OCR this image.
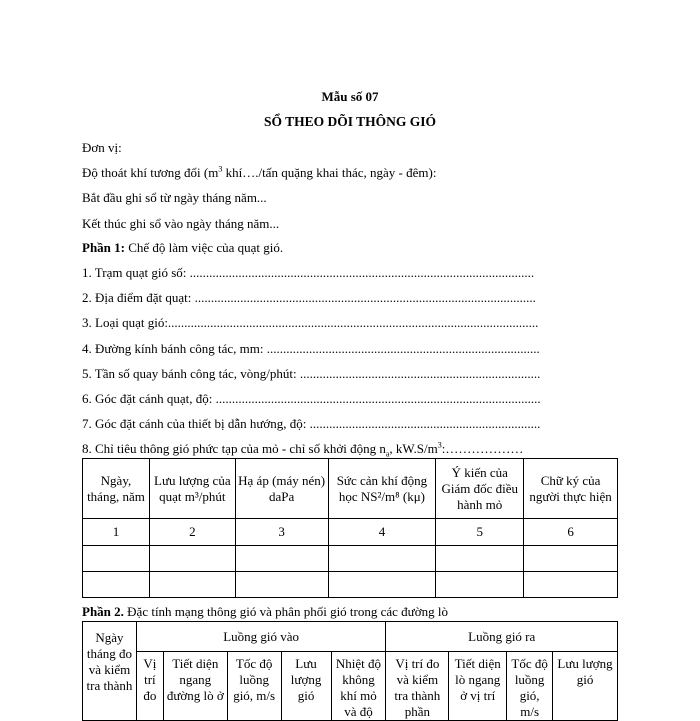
Mẫu số 07
SỔ THEO DÕI THÔNG GIÓ
Đơn vị:
Độ thoát khí tương đối ($m^3$ khí…./tấn quặng khai thác, ngày - đêm):
Bắt đầu ghi sổ từ ngày tháng năm...
Kết thúc ghi sổ vào ngày tháng năm...
Phần 1: Chế độ làm việc của quạt gió.
1. Trạm quạt gió số: ..........................................................................................................
2. Địa điểm đặt quạt: .........................................................................................................
3. Loại quạt gió:..................................................................................................................
4. Đường kính bánh công tác, mm: ....................................................................................
5. Tần số quay bánh công tác, vòng/phút: ..........................................................................
6. Góc đặt cánh quạt, độ: ....................................................................................................
7. Góc đặt cánh của thiết bị dẫn hướng, độ: .......................................................................
8. Chỉ tiêu thông gió phức tạp của mỏ - chỉ số khởi động $n_a$, $kW.S/m^3:\dots\dots\dots\dots\dots\dots$
Ngày, tháng, năm	Lưu lượng của quạt m³/phút	Hạ áp (máy nén) daPa	Sức cản khí động học NS²/m⁸ (kμ)	Ý kiến của Giám đốc điều hành mỏ	Chữ ký của người thực hiện
1	2	3	4	5	6

Phần 2. Đặc tính mạng thông gió và phân phối gió trong các đường lò
Ngày tháng đo và kiểm tra thành	Luồng gió vào					Luồng gió ra			
	Vị trí đo	Tiết diện ngang đường lò ở	Tốc độ luồng gió, m/s	Lưu lượng gió	Nhiệt độ không khí mỏ và độ	Vị trí đo và kiểm tra thành phần	Tiết diện lò ngang ở vị trí	Tốc độ luồng gió, m/s	Lưu lượng gió
